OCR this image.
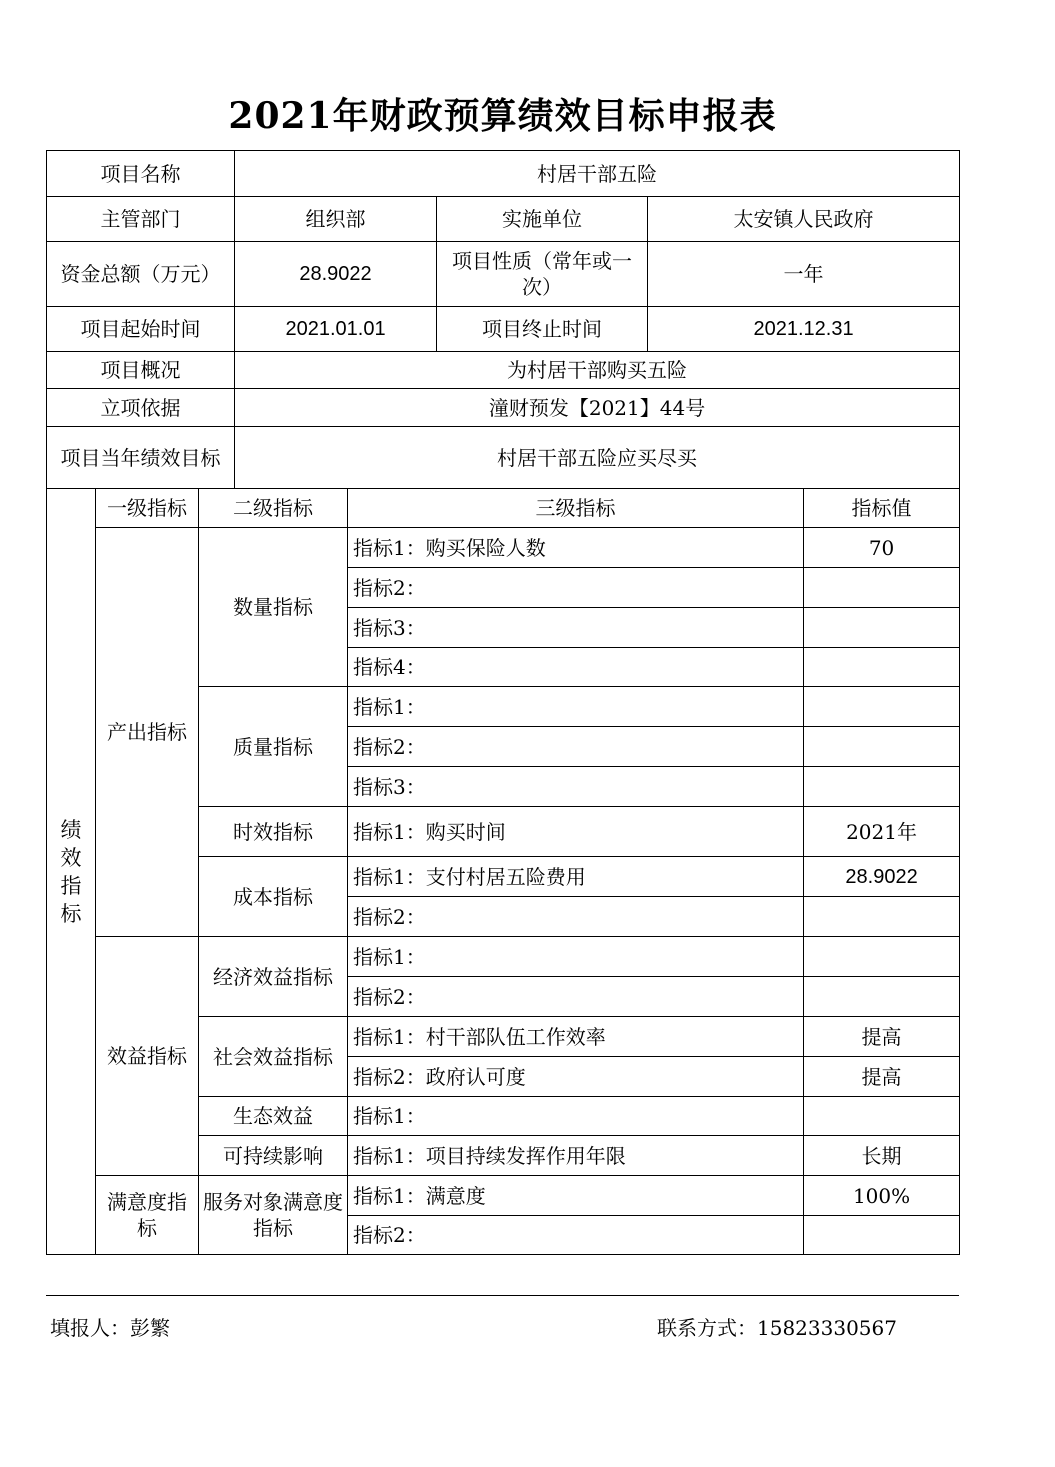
2021年财政预算绩效目标申报表
项目名称			村居干部五险				
主管部门			组织部		实施单位	太安镇人民政府	
资金总额（万元）			28.9022		项目性质（常年或一次）	一年	
项目起始时间			2021.01.01		项目终止时间	2021.12.31	
项目概况			为村居干部购买五险				
立项依据			潼财预发【2021】44号				
项目当年绩效目标			村居干部五险应买尽买				

绩效指标	一级指标	二级指标		三级指标			指标值
	产出指标	数量指标		指标1：购买保险人数			70
				指标2：			
				指标3：			
				指标4：			
		质量指标		指标1：			
				指标2：			
				指标3：			
		时效指标		指标1：购买时间			2021年
		成本指标		指标1：支付村居五险费用			28.9022
				指标2：			
	效益指标	经济效益指标		指标1：			
				指标2：			
		社会效益指标		指标1：村干部队伍工作效率			提高
				指标2：政府认可度			提高
		生态效益		指标1：			
		可持续影响		指标1：项目持续发挥作用年限			长期
	满意度指标	服务对象满意度指标		指标1：满意度			100%
				指标2：			
填报人：彭繁	联系方式：15823330567
